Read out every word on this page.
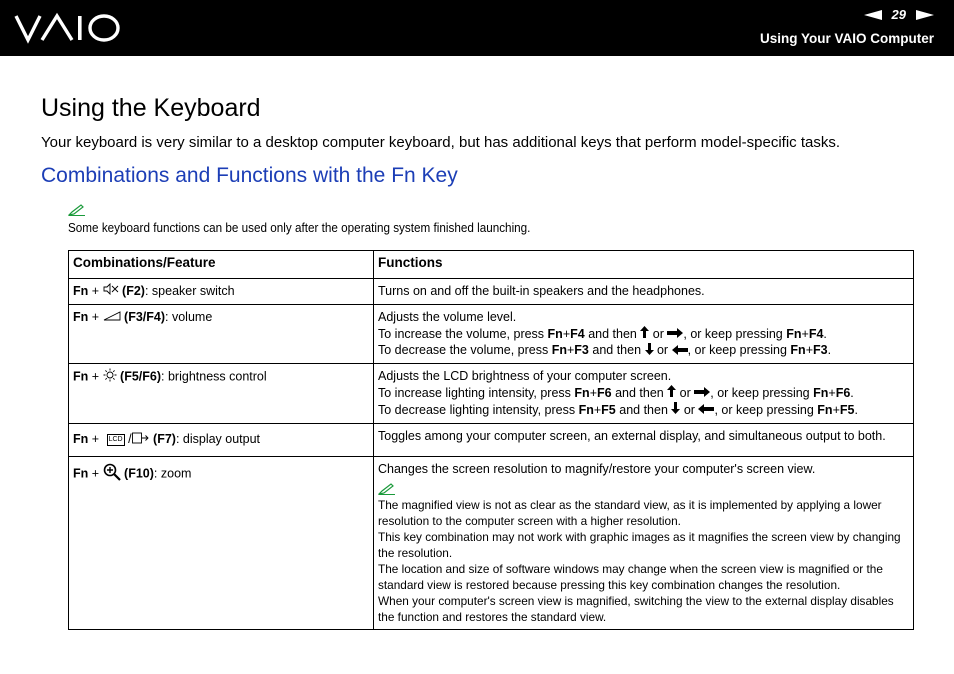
29
Using Your VAIO Computer
Using the Keyboard

Your keyboard is very similar to a desktop computer keyboard, but has additional keys that perform model-specific tasks.

Combinations and Functions with the Fn Key

Some keyboard functions can be used only after the operating system finished launching.

Combinations/Feature	Functions
Fn + (F2): speaker switch	Turns on and off the built-in speakers and the headphones.
Fn + (F3/F4): volume	Adjusts the volume level.
To increase the volume, press Fn+F4 and then  or , or keep pressing Fn+F4.
To decrease the volume, press Fn+F3 and then  or , or keep pressing Fn+F3.

Fn + (F5/F6): brightness control	Adjusts the LCD brightness of your computer screen.
To increase lighting intensity, press Fn+F6 and then  or , or keep pressing Fn+F6.
To decrease lighting intensity, press Fn+F5 and then  or , or keep pressing Fn+F5.

Fn + LCD / (F7): display output	Toggles among your computer screen, an external display, and simultaneous output to both.
Fn + (F10): zoom	Changes the screen resolution to magnify/restore your computer's screen view.
The magnified view is not as clear as the standard view, as it is implemented by applying a lower resolution to the computer screen with a higher resolution.
This key combination may not work with graphic images as it magnifies the screen view by changing the resolution.
The location and size of software windows may change when the screen view is magnified or the standard view is restored because pressing this key combination changes the resolution.
When your computer's screen view is magnified, switching the view to the external display disables the function and restores the standard view.
